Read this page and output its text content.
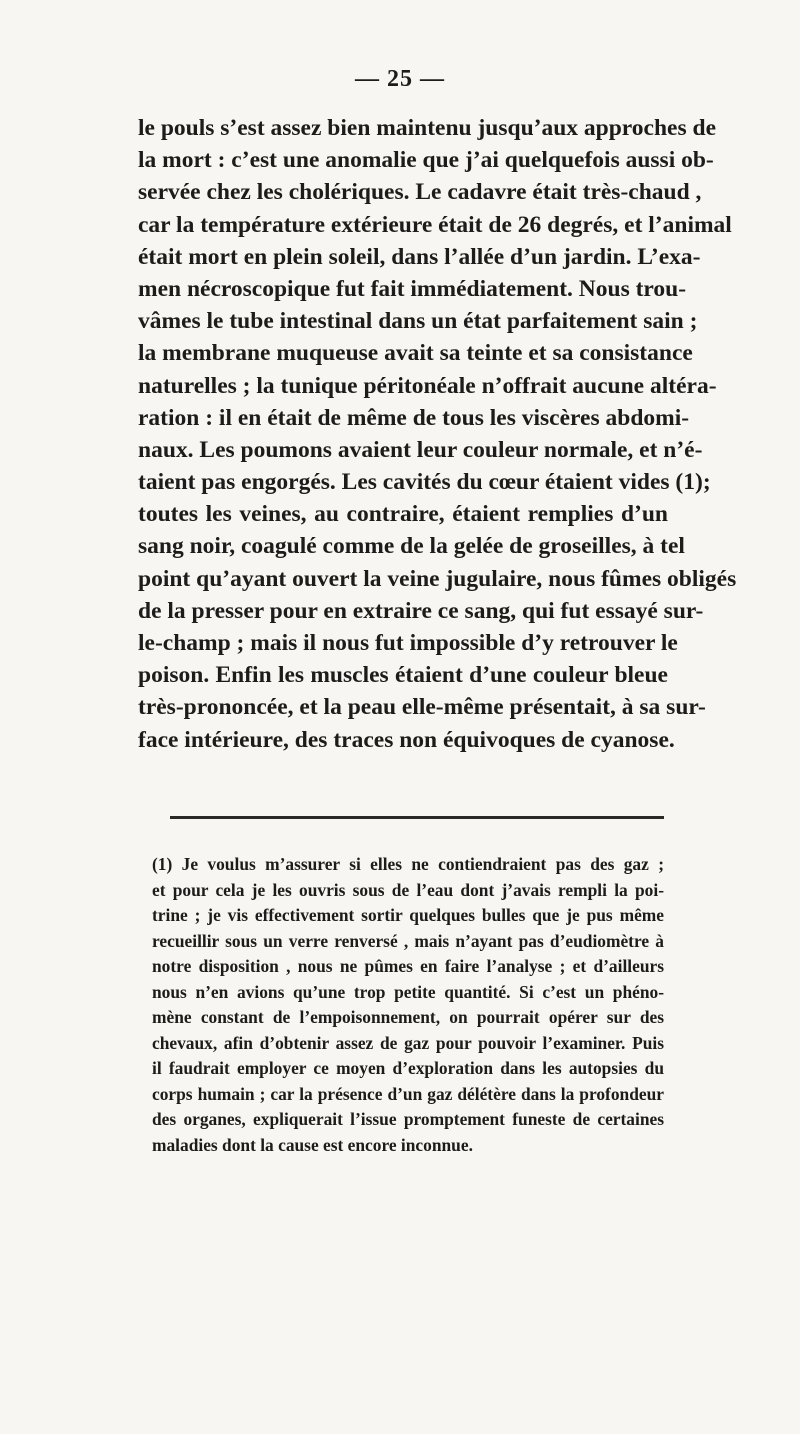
— 25 —
le pouls s’est assez bien maintenu jusqu’aux approches de
la mort : c’est une anomalie que j’ai quelquefois aussi ob-
servée chez les cholériques. Le cadavre était très-chaud ,
car la température extérieure était de 26 degrés, et l’animal
était mort en plein soleil, dans l’allée d’un jardin. L’exa-
men nécroscopique fut fait immédiatement. Nous trou-
vâmes le tube intestinal dans un état parfaitement sain ;
la membrane muqueuse avait sa teinte et sa consistance
naturelles ; la tunique péritonéale n’offrait aucune altéra-
ration : il en était de même de tous les viscères abdomi-
naux. Les poumons avaient leur couleur normale, et n’é-
taient pas engorgés. Les cavités du cœur étaient vides (1);
toutes les veines, au contraire, étaient remplies d’un
sang noir, coagulé comme de la gelée de groseilles, à tel
point qu’ayant ouvert la veine jugulaire, nous fûmes obligés
de la presser pour en extraire ce sang, qui fut essayé sur-
le-champ ; mais il nous fut impossible d’y retrouver le
poison. Enfin les muscles étaient d’une couleur bleue
très-prononcée, et la peau elle-même présentait, à sa sur-
face intérieure, des traces non équivoques de cyanose.
(1) Je voulus m’assurer si elles ne contiendraient pas des gaz ;
et pour cela je les ouvris sous de l’eau dont j’avais rempli la poi-
trine ; je vis effectivement sortir quelques bulles que je pus même
recueillir sous un verre renversé , mais n’ayant pas d’eudiomètre à
notre disposition , nous ne pûmes en faire l’analyse ; et d’ailleurs
nous n’en avions qu’une trop petite quantité. Si c’est un phéno-
mène constant de l’empoisonnement, on pourrait opérer sur des
chevaux, afin d’obtenir assez de gaz pour pouvoir l’examiner. Puis
il faudrait employer ce moyen d’exploration dans les autopsies du
corps humain ; car la présence d’un gaz délétère dans la profondeur
des organes, expliquerait l’issue promptement funeste de certaines
maladies dont la cause est encore inconnue.
